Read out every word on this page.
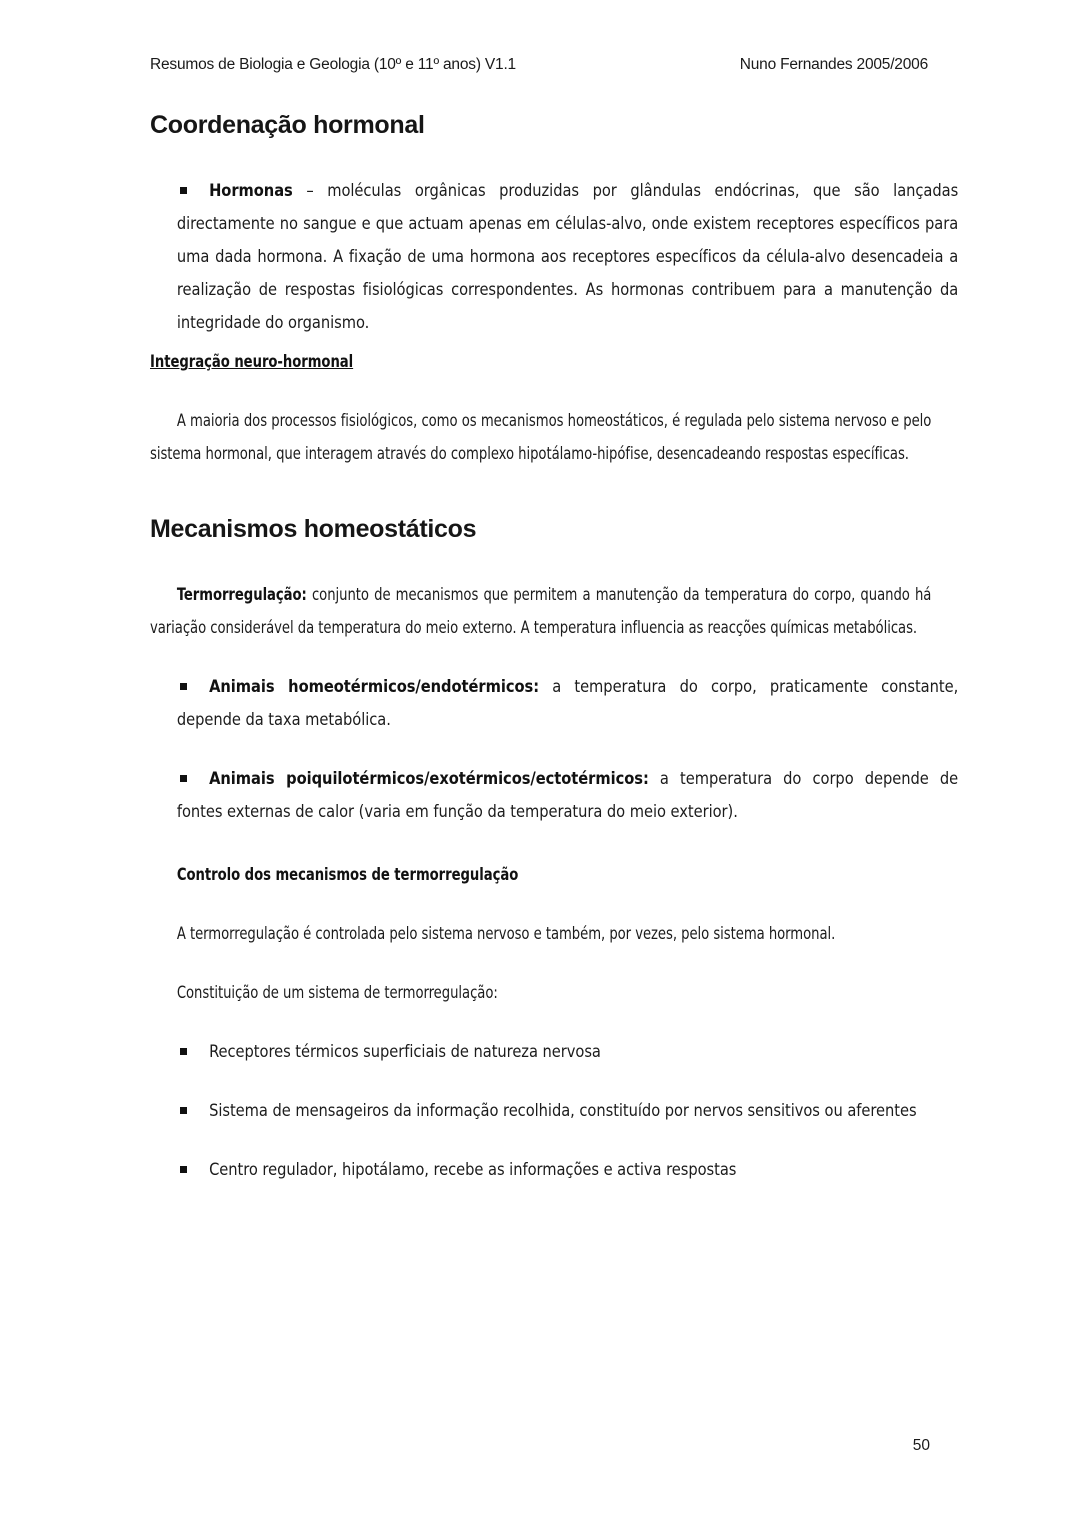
Resumos de Biologia e Geologia (10º e 11º anos) V1.1	Nuno Fernandes 2005/2006
Coordenação hormonal

Hormonas – moléculas orgânicas produzidas por glândulas endócrinas, que são lançadas directamente no sangue e que actuam apenas em células-alvo, onde existem receptores específicos para uma dada hormona. A fixação de uma hormona aos receptores específicos da célula-alvo desencadeia a realização de respostas fisiológicas correspondentes. As hormonas contribuem para a manutenção da integridade do organismo.

Integração neuro-hormonal

A maioria dos processos fisiológicos, como os mecanismos homeostáticos, é regulada pelo sistema nervoso e pelo sistema hormonal, que interagem através do complexo hipotálamo-hipófise, desencadeando respostas específicas.

Mecanismos homeostáticos

Termorregulação: conjunto de mecanismos que permitem a manutenção da temperatura do corpo, quando há variação considerável da temperatura do meio externo. A temperatura influencia as reacções químicas metabólicas.

Animais homeotérmicos/endotérmicos: a temperatura do corpo, praticamente constante, depende da taxa metabólica.

Animais poiquilotérmicos/exotérmicos/ectotérmicos: a temperatura do corpo depende de fontes externas de calor (varia em função da temperatura do meio exterior).

Controlo dos mecanismos de termorregulação

A termorregulação é controlada pelo sistema nervoso e também, por vezes, pelo sistema hormonal.

Constituição de um sistema de termorregulação:

Receptores térmicos superficiais de natureza nervosa

Sistema de mensageiros da informação recolhida, constituído por nervos sensitivos ou aferentes

Centro regulador, hipotálamo, recebe as informações e activa respostas

50
